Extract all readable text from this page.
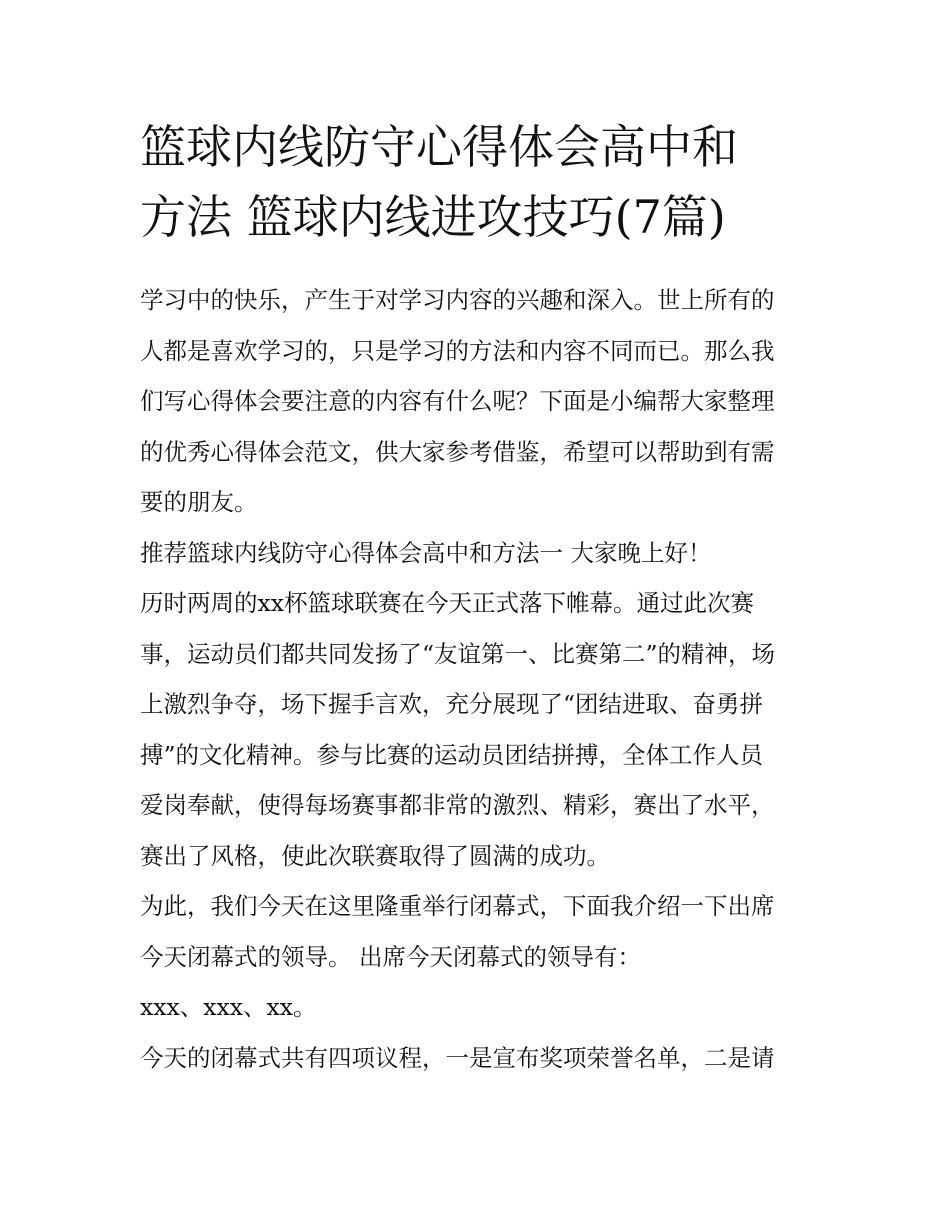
篮球内线防守心得体会高中和
方法 篮球内线进攻技巧(7篇)

学习中的快乐，产生于对学习内容的兴趣和深入。世上所有的

人都是喜欢学习的，只是学习的方法和内容不同而已。那么我

们写心得体会要注意的内容有什么呢？下面是小编帮大家整理

的优秀心得体会范文，供大家参考借鉴，希望可以帮助到有需

要的朋友。

推荐篮球内线防守心得体会高中和方法一 大家晚上好！

历时两周的xx杯篮球联赛在今天正式落下帷幕。通过此次赛

事，运动员们都共同发扬了“友谊第一、比赛第二”的精神，场

上激烈争夺，场下握手言欢，充分展现了“团结进取、奋勇拼

搏”的文化精神。参与比赛的运动员团结拼搏，全体工作人员

爱岗奉献，使得每场赛事都非常的激烈、精彩，赛出了水平，

赛出了风格，使此次联赛取得了圆满的成功。

为此，我们今天在这里隆重举行闭幕式，下面我介绍一下出席

今天闭幕式的领导。 出席今天闭幕式的领导有：

xxx、xxx、xx。

今天的闭幕式共有四项议程，一是宣布奖项荣誉名单，二是请
